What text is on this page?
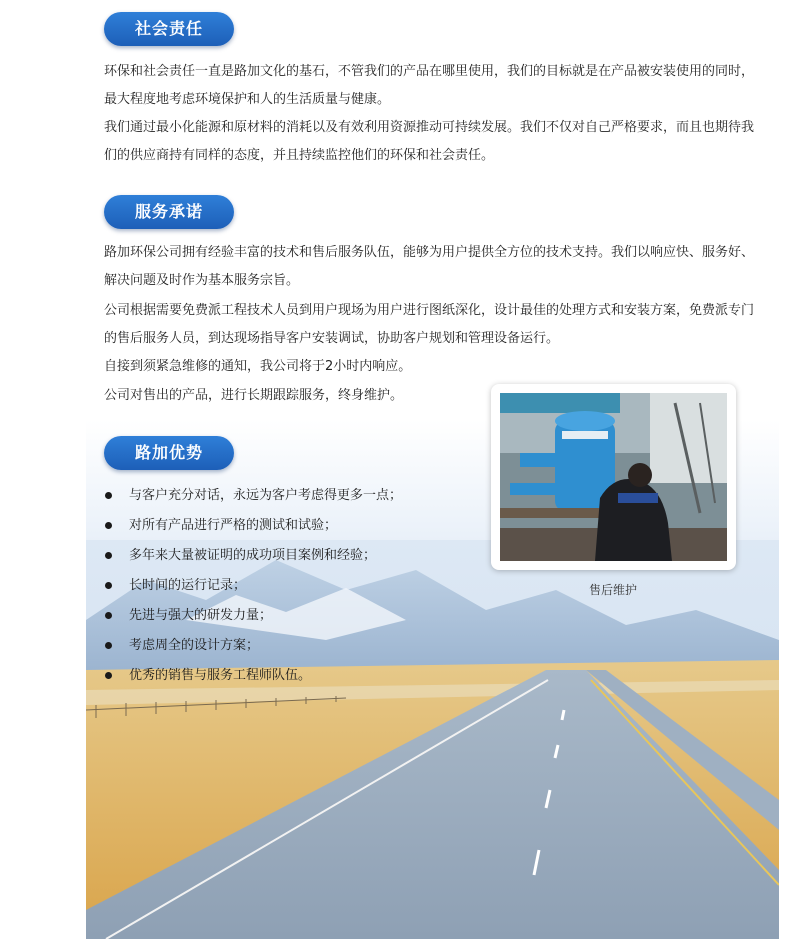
社会责任

环保和社会责任一直是路加文化的基石，不管我们的产品在哪里使用，我们的目标就是在产品被安装使用的同时，最大程度地考虑环境保护和人的生活质量与健康。

我们通过最小化能源和原材料的消耗以及有效利用资源推动可持续发展。我们不仅对自己严格要求，而且也期待我们的供应商持有同样的态度，并且持续监控他们的环保和社会责任。

服务承诺

路加环保公司拥有经验丰富的技术和售后服务队伍，能够为用户提供全方位的技术支持。我们以响应快、服务好、解决问题及时作为基本服务宗旨。

公司根据需要免费派工程技术人员到用户现场为用户进行图纸深化，设计最佳的处理方式和安装方案，免费派专门的售后服务人员，到达现场指导客户安装调试，协助客户规划和管理设备运行。

自接到须紧急维修的通知，我公司将于2小时内响应。

公司对售出的产品，进行长期跟踪服务，终身维护。

路加优势
与客户充分对话，永远为客户考虑得更多一点；
对所有产品进行严格的测试和试验；
多年来大量被证明的成功项目案例和经验；
长时间的运行记录；
先进与强大的研发力量；
考虑周全的设计方案；
优秀的销售与服务工程师队伍。
售后维护
